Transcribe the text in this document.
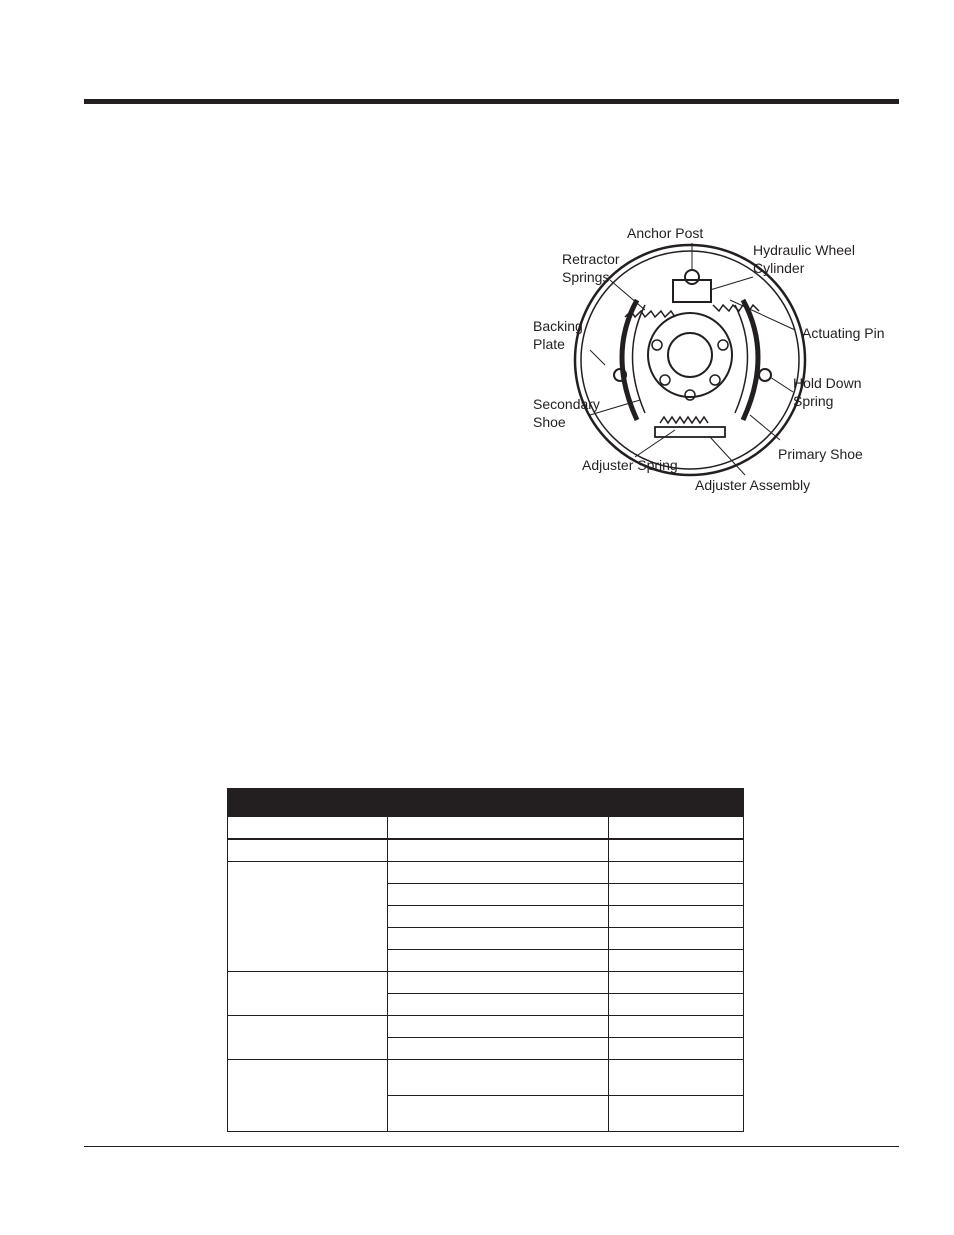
Anchor Post
Hydraulic Wheel
Cylinder
Retractor
Springs
Actuating Pin
Backing
Plate
Hold Down
Spring
Secondary
Shoe
Primary Shoe
Adjuster Spring
Adjuster Assembly
